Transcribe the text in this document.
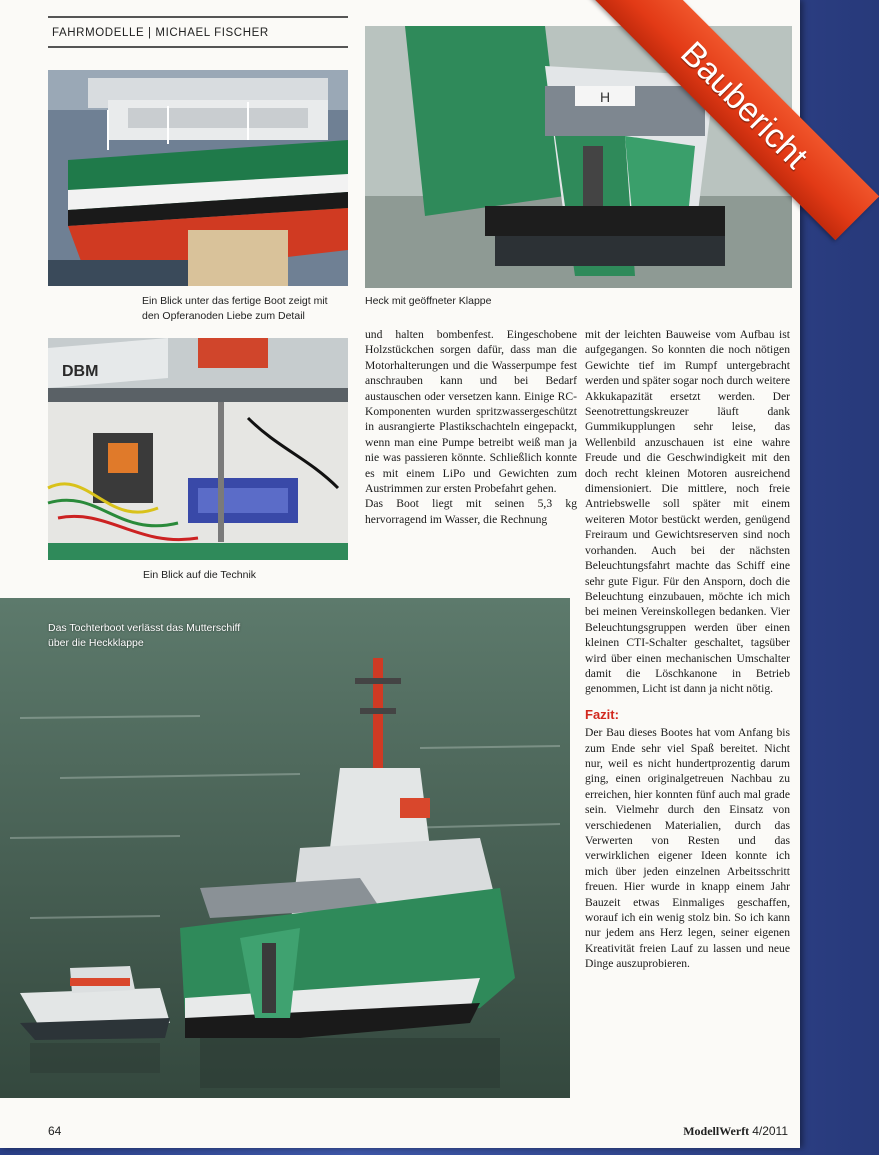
FAHRMODELLE | MICHAEL FISCHER
Ein Blick unter das fertige Boot zeigt mit
den Opferanoden Liebe zum Detail
H
Heck mit geöffneter Klappe
DBM
Ein Blick auf die Technik

und halten bombenfest. Eingeschobene Holzstückchen sorgen dafür, dass man die Motorhalterungen und die Wasserpumpe fest anschrauben kann und bei Bedarf austauschen oder versetzen kann. Einige RC-Komponenten wurden spritzwassergeschützt in ausrangierte Plastikschachteln eingepackt, wenn man eine Pumpe betreibt weiß man ja nie was passieren könnte. Schließlich konnte es mit einem LiPo und Gewichten zum Austrimmen zur ersten Probefahrt gehen.

Das Boot liegt mit seinen 5,3 kg hervorragend im Wasser, die Rechnung

mit der leichten Bauweise vom Aufbau ist aufgegangen. So konnten die noch nötigen Gewichte tief im Rumpf untergebracht werden und später sogar noch durch weitere Akkukapazität ersetzt werden. Der Seenotrettungskreuzer läuft dank Gummikupplungen sehr leise, das Wellenbild anzuschauen ist eine wahre Freude und die Geschwindigkeit mit den doch recht kleinen Motoren ausreichend dimensioniert. Die mittlere, noch freie Antriebswelle soll später mit einem weiteren Motor bestückt werden, genügend Freiraum und Gewichtsreserven sind noch vorhanden. Auch bei der nächsten Beleuchtungsfahrt machte das Schiff eine sehr gute Figur. Für den Ansporn, doch die Beleuchtung einzubauen, möchte ich mich bei meinen Vereinskollegen bedanken. Vier Beleuchtungsgruppen werden über einen kleinen CTI-Schalter geschaltet, tagsüber wird über einen mechanischen Umschalter damit die Löschkanone in Betrieb genommen, Licht ist dann ja nicht nötig.

Fazit:

Der Bau dieses Bootes hat vom Anfang bis zum Ende sehr viel Spaß bereitet. Nicht nur, weil es nicht hundertprozentig darum ging, einen originalgetreuen Nachbau zu erreichen, hier konnten fünf auch mal grade sein. Vielmehr durch den Einsatz von verschiedenen Materialien, durch das Verwerten von Resten und das verwirklichen eigener Ideen konnte ich mich über jeden einzelnen Arbeitsschritt freuen. Hier wurde in knapp einem Jahr Bauzeit etwas Einmaliges geschaffen, worauf ich ein wenig stolz bin. So ich kann nur jedem ans Herz legen, seiner eigenen Kreativität freien Lauf zu lassen und neue Dinge auszuprobieren.

Das Tochterboot verlässt das Mutterschiff
über die Heckklappe
Baubericht
64	ModellWerft 4/2011
